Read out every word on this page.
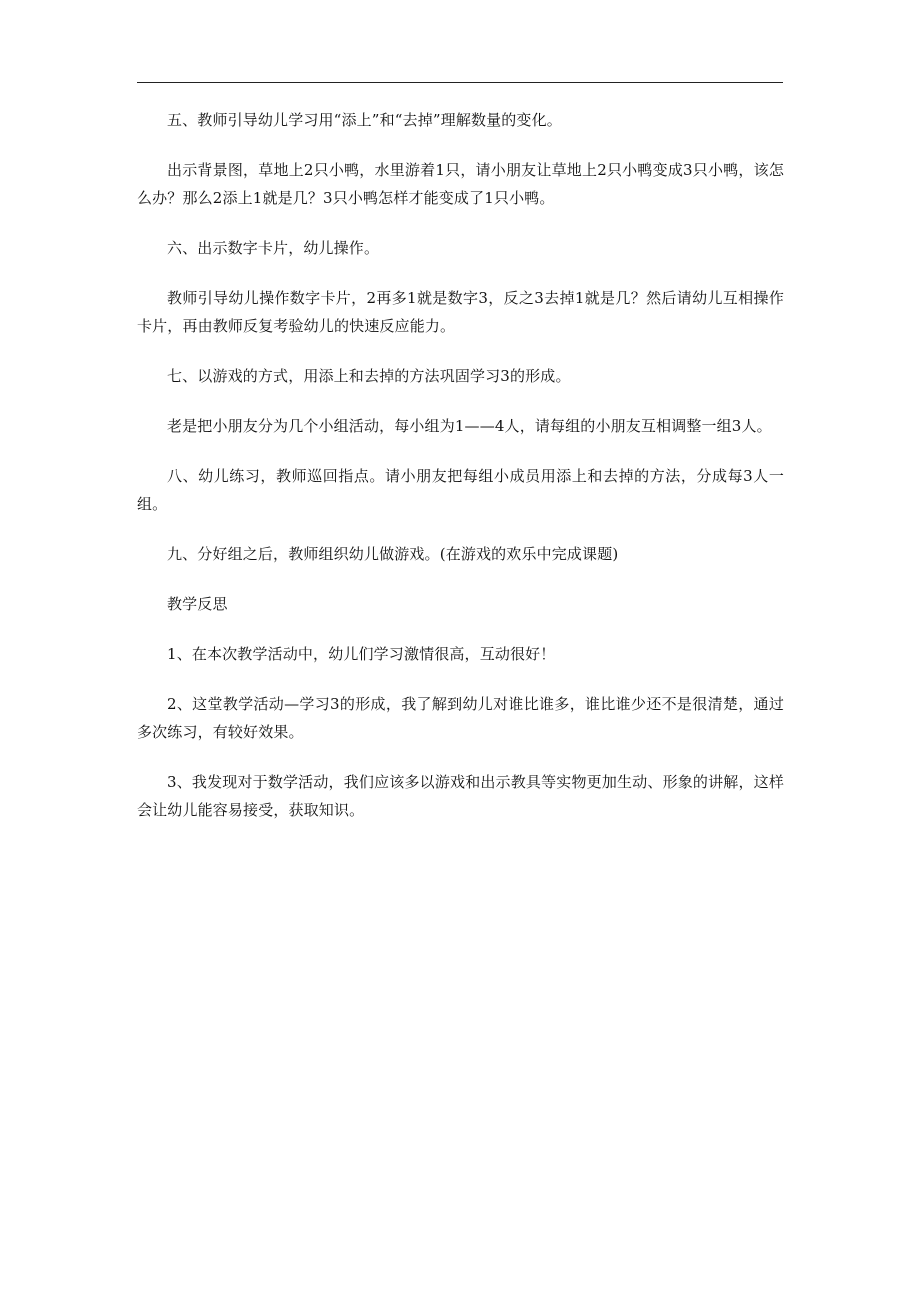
五、教师引导幼儿学习用“添上”和“去掉”理解数量的变化。

出示背景图，草地上2只小鸭，水里游着1只，请小朋友让草地上2只小鸭变成3只小鸭，该怎么办？那么2添上1就是几？3只小鸭怎样才能变成了1只小鸭。

六、出示数字卡片，幼儿操作。

教师引导幼儿操作数字卡片，2再多1就是数字3，反之3去掉1就是几？然后请幼儿互相操作卡片，再由教师反复考验幼儿的快速反应能力。

七、以游戏的方式，用添上和去掉的方法巩固学习3的形成。

老是把小朋友分为几个小组活动，每小组为1——4人，请每组的小朋友互相调整一组3人。

八、幼儿练习，教师巡回指点。请小朋友把每组小成员用添上和去掉的方法，分成每3人一组。

九、分好组之后，教师组织幼儿做游戏。(在游戏的欢乐中完成课题)

教学反思

1、在本次教学活动中，幼儿们学习激情很高，互动很好！

2、这堂教学活动—学习3的形成，我了解到幼儿对谁比谁多，谁比谁少还不是很清楚，通过多次练习，有较好效果。

3、我发现对于数学活动，我们应该多以游戏和出示教具等实物更加生动、形象的讲解，这样会让幼儿能容易接受，获取知识。
